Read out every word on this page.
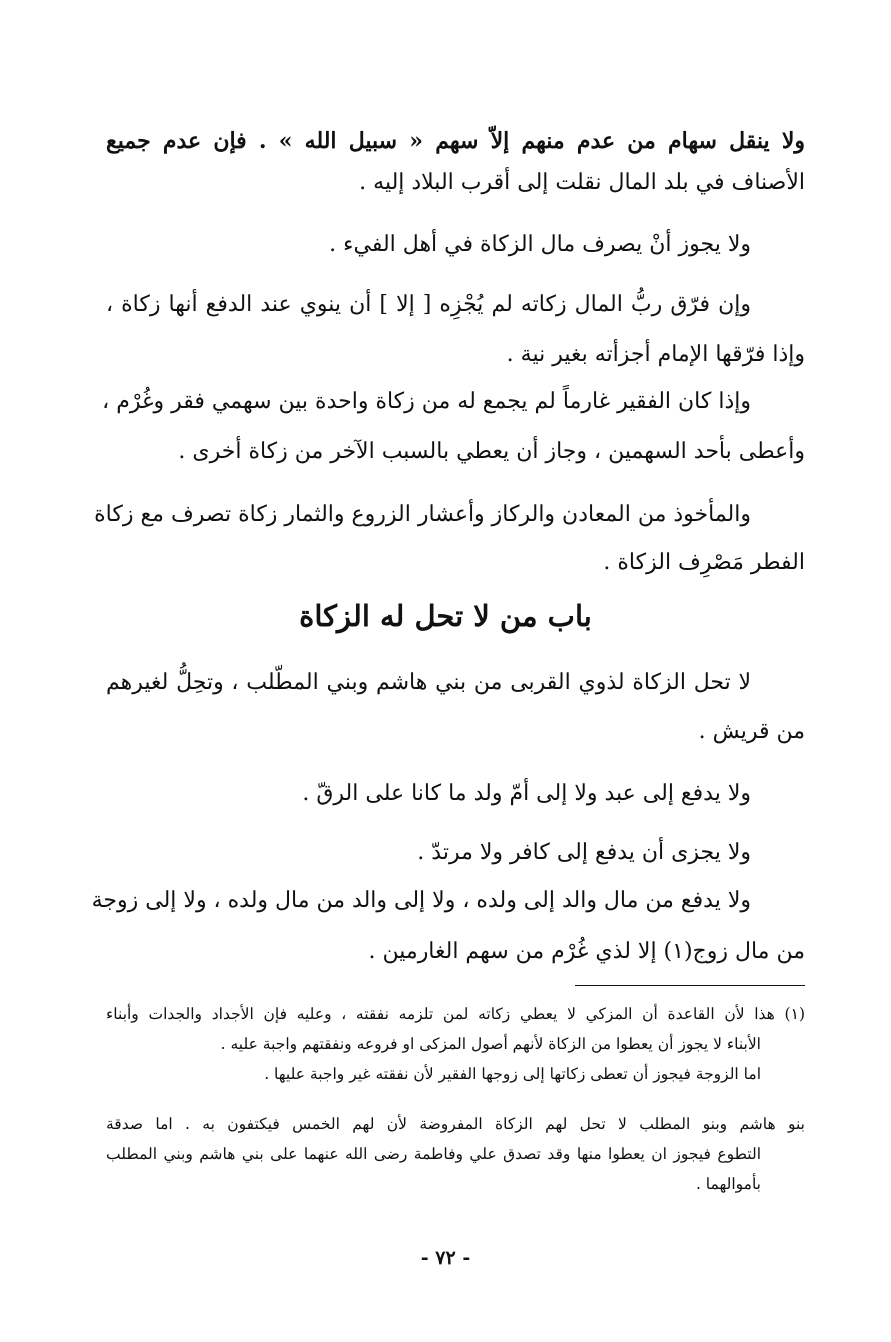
ولا ينقل سهام من عدم منهم إلاّ سهم « سبيل الله » . فإن عدم جميع
الأصناف في بلد المال نقلت إلى أقرب البلاد إليه .
ولا يجوز أنْ يصرف مال الزكاة في أهل الفيء .
وإن فرّق ربُّ المال زكاته لم يُجْزِه [ إلا ] أن ينوي عند الدفع أنها زكاة ،
وإذا فرّقها الإمام أجزأته بغير نية .
وإذا كان الفقير غارماً لم يجمع له من زكاة واحدة بين سهمي فقر وغُرْم ،
وأعطى بأحد السهمين ، وجاز أن يعطي بالسبب الآخر من زكاة أخرى .
والمأخوذ من المعادن والركاز وأعشار الزروع والثمار زكاة تصرف مع زكاة
الفطر مَصْرِف الزكاة .
باب من لا تحل له الزكاة
لا تحل الزكاة لذوي القربى من بني هاشم وبني المطّلب ، وتحِلُّ لغيرهم
من قريش .
ولا يدفع إلى عبد ولا إلى أمّ ولد ما كانا على الرقّ .
ولا يجزى أن يدفع إلى كافر ولا مرتدّ .
ولا يدفع من مال والد إلى ولده ، ولا إلى والد من مال ولده ، ولا إلى زوجة
من مال زوج(١) إلا لذي غُرْم من سهم الغارمين .
(١) هذا لأن القاعدة أن المزكي لا يعطي زكاته لمن تلزمه نفقته ، وعليه فإن الأجداد والجدات وأبناء
الأبناء لا يجوز أن يعطوا من الزكاة لأنهم أصول المزكى او فروعه ونفقتهم واجبة عليه .
اما الزوجة فيجوز أن تعطى زكاتها إلى زوجها الفقير لأن نفقته غير واجبة عليها .
بنو هاشم وبنو المطلب لا تحل لهم الزكاة المفروضة لأن لهم الخمس فيكتفون به . اما صدقة
التطوع فيجوز ان يعطوا منها وقد تصدق علي وفاطمة رضى الله عنهما على بني هاشم وبني المطلب
بأموالهما .
- ٧٢ -
